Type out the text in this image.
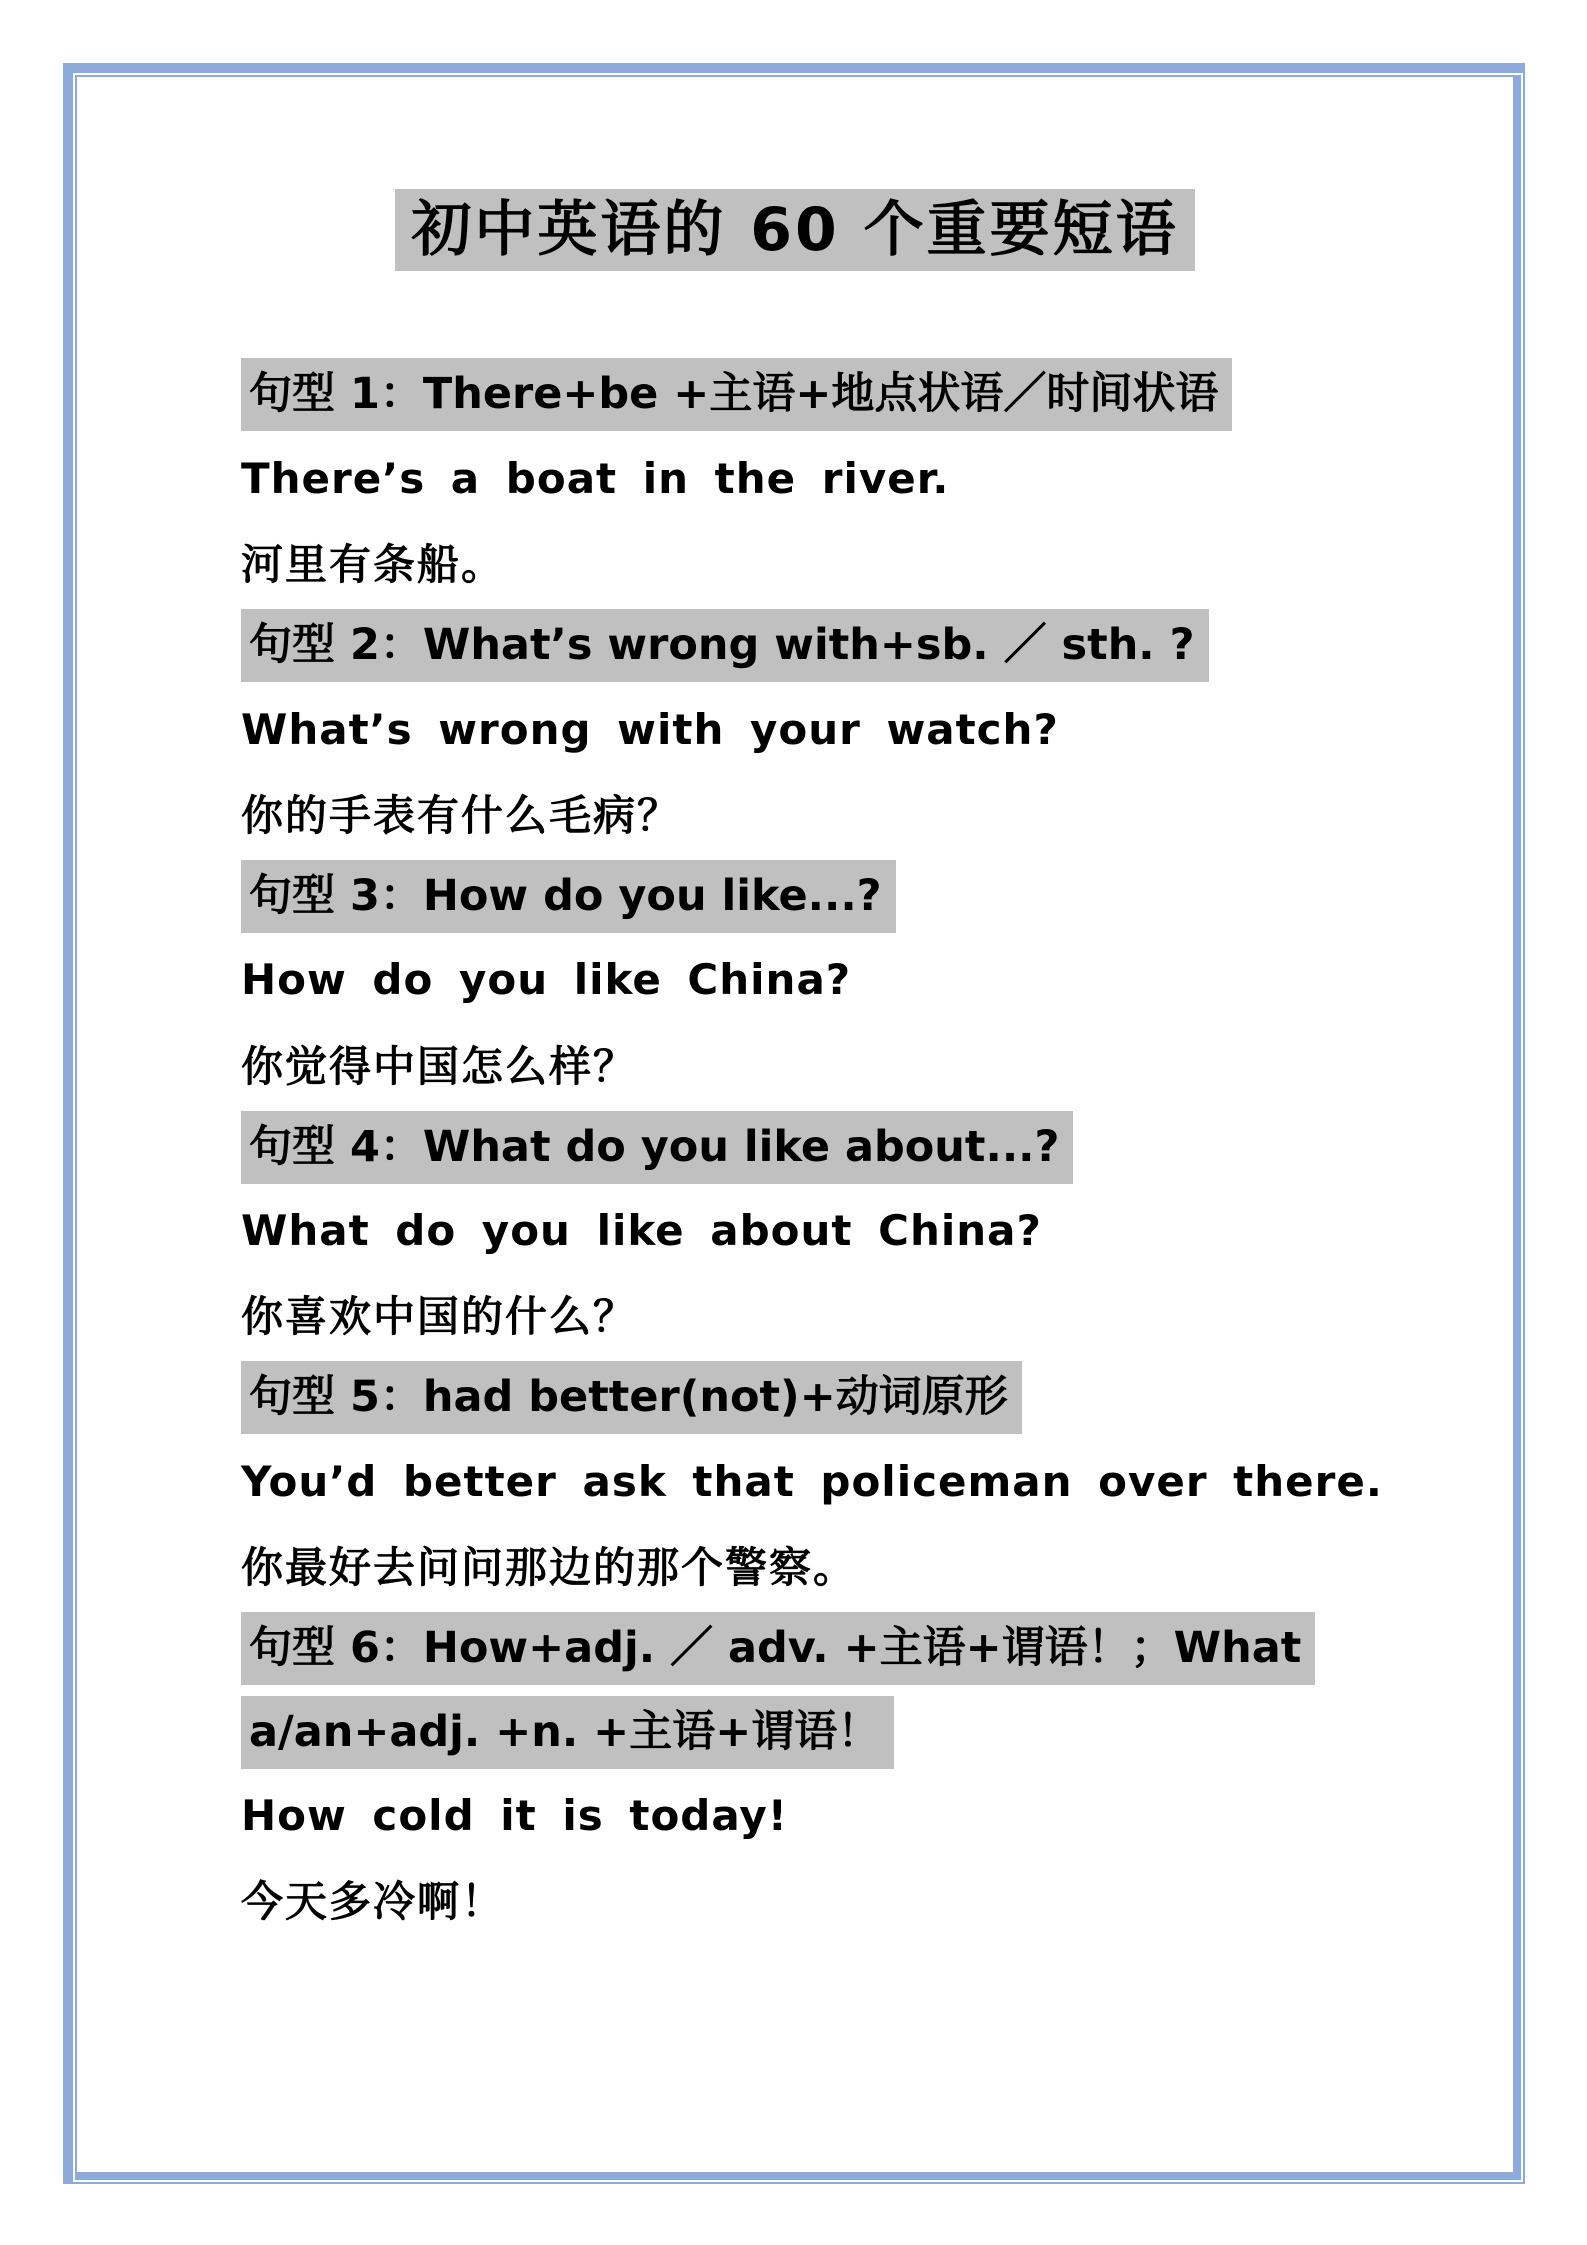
初中英语的 60 个重要短语
句型 1：There+be +主语+地点状语／时间状语
There’s a boat in the river.
河里有条船。
句型 2：What’s wrong with+sb. ／ sth. ?
What’s wrong with your watch?
你的手表有什么毛病？
句型 3：How do you like...?
How do you like China?
你觉得中国怎么样？
句型 4：What do you like about...?
What do you like about China?
你喜欢中国的什么？
句型 5：had better(not)+动词原形
You’d better ask that policeman over there.
你最好去问问那边的那个警察。
句型 6：How+adj. ／ adv. +主语+谓语！；What
a/an+adj. +n. +主语+谓语！
How cold it is today!
今天多冷啊！
